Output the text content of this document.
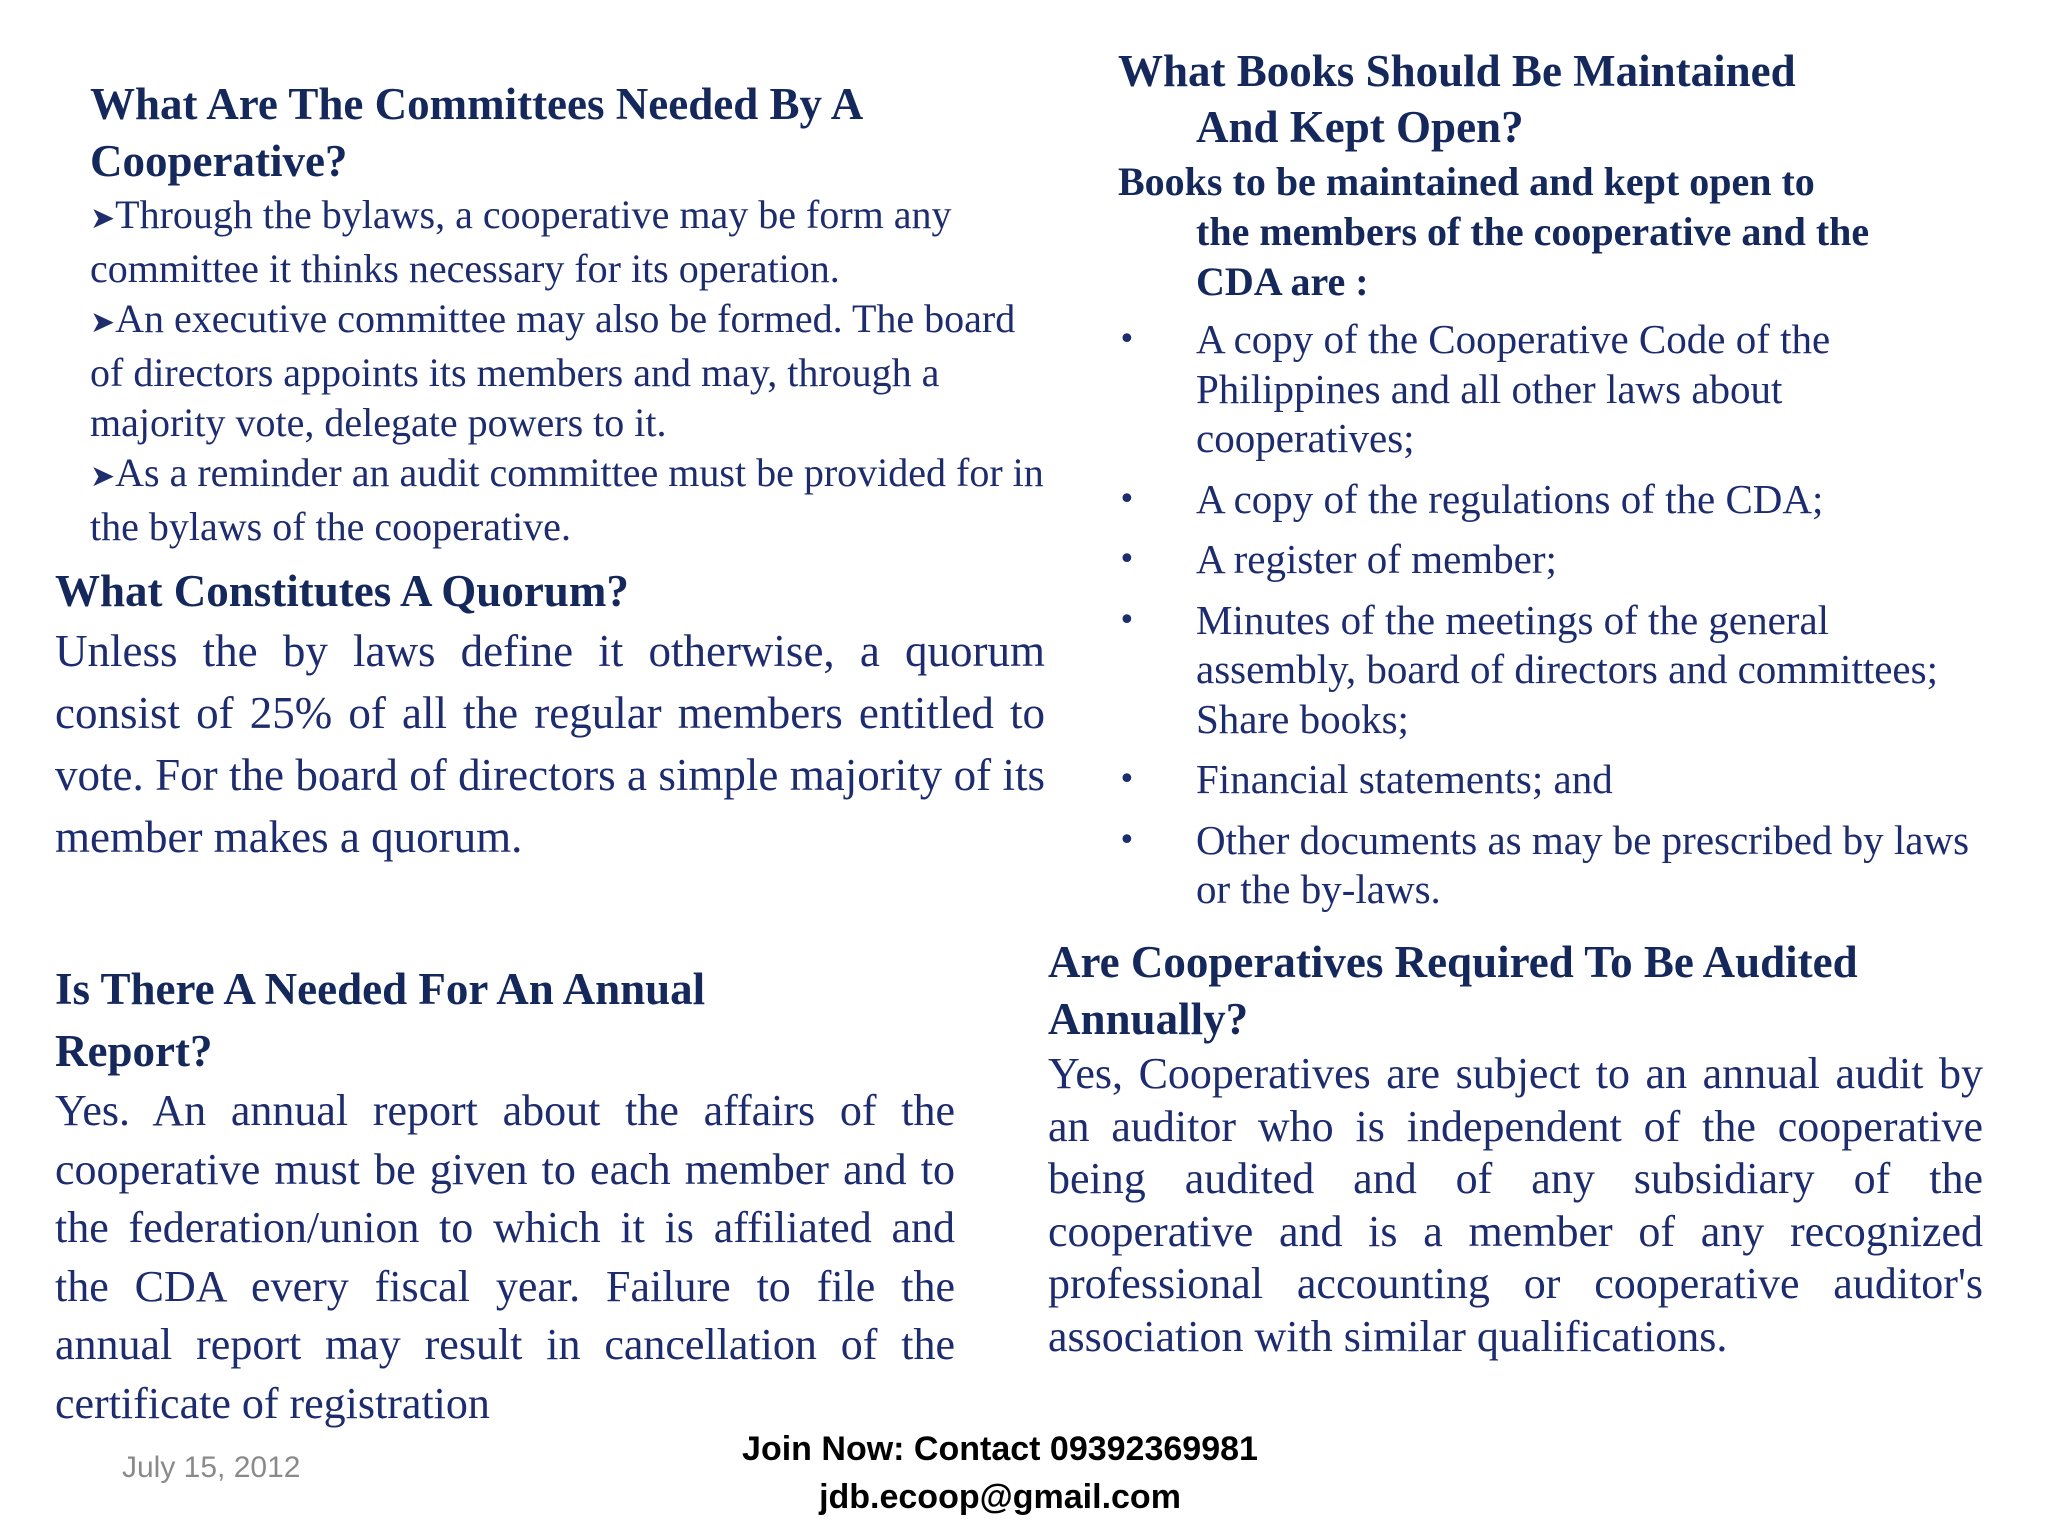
What Are The Committees Needed By A
Cooperative?

➤Through the bylaws, a cooperative may be form any committee it thinks necessary for its operation.

➤An executive committee may also be formed. The board of directors appoints its members and may, through a majority vote, delegate powers to it.

➤As a reminder an audit committee must be provided for in the bylaws of the cooperative.

What Constitutes A Quorum?

Unless the by laws define it otherwise, a quorum consist of 25% of all the regular members entitled to vote. For the board of directors a simple majority of its member makes a quorum.

Is There A Needed For An Annual
Report?

Yes. An annual report about the affairs of the cooperative must be given to each member and to the federation/union to which it is affiliated and the CDA every fiscal year. Failure to file the annual report may result in cancellation of the certificate of registration

What Books Should Be Maintained
And Kept Open?
Books to be maintained and kept open to
the members of the cooperative and the
CDA are :
• A copy of the Cooperative Code of the Philippines and all other laws about cooperatives;
• A copy of the regulations of the CDA;
• A register of member;
• Minutes of the meetings of the general assembly, board of directors and committees; Share books;
• Financial statements; and
• Other documents as may be prescribed by laws or the by-laws.
Are Cooperatives Required To Be Audited
Annually?

Yes, Cooperatives are subject to an annual audit by an auditor who is independent of the cooperative being audited and of any subsidiary of the cooperative and is a member of any recognized professional accounting or cooperative auditor's association with similar qualifications.

July 15, 2012	Join Now: Contact 09392369981
jdb.ecoop@gmail.com
